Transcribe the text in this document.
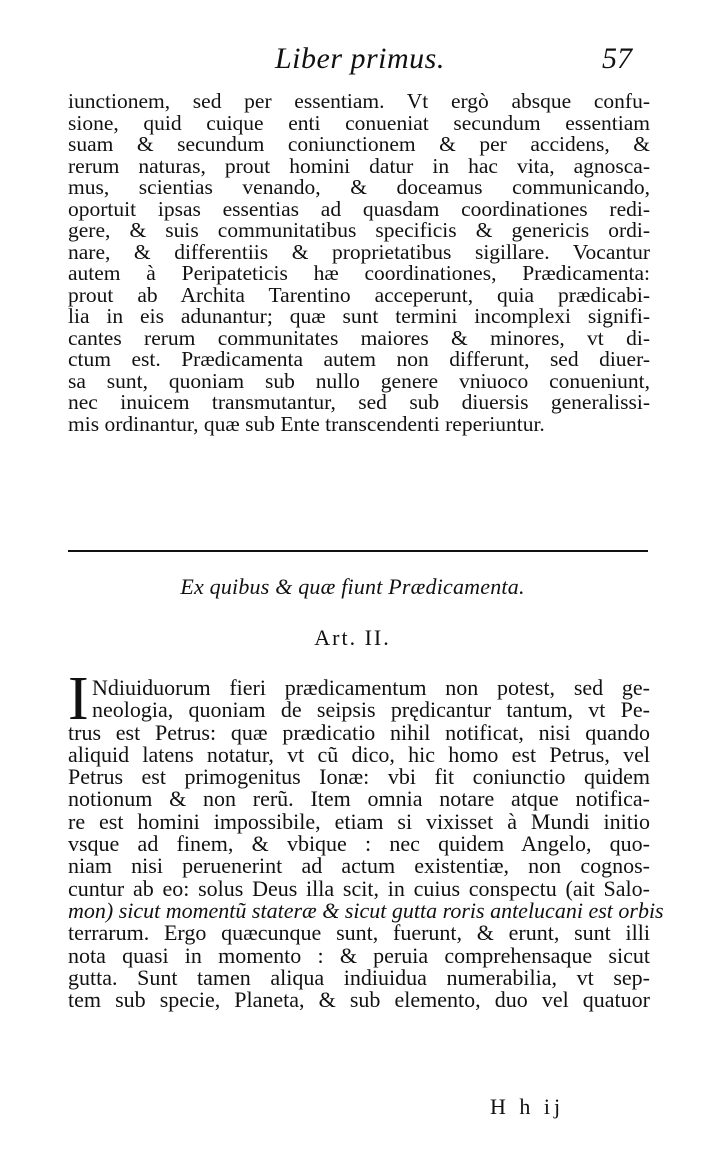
Liber primus.	57
iunctionem, sed per essentiam. Vt ergò absque confu-
sione, quid cuique enti conueniat secundum essentiam
suam & secundum coniunctionem & per accidens, &
rerum naturas, prout homini datur in hac vita, agnosca-
mus, scientias venando, & doceamus communicando,
oportuit ipsas essentias ad quasdam coordinationes redi-
gere, & suis communitatibus specificis & genericis ordi-
nare, & differentiis & proprietatibus sigillare. Vocantur
autem à Peripateticis hæ coordinationes, Prædicamenta:
prout ab Archita Tarentino acceperunt, quia prædicabi-
lia in eis adunantur; quæ sunt termini incomplexi signifi-
cantes rerum communitates maiores & minores, vt di-
ctum est. Prædicamenta autem non differunt, sed diuer-
sa sunt, quoniam sub nullo genere vniuoco conueniunt,
nec inuicem transmutantur, sed sub diuersis generalissi-
mis ordinantur, quæ sub Ente transcendenti reperiuntur.
Ex quibus & quæ fiunt Prædicamenta.
Art. II.
I Ndiuiduorum fieri prædicamentum non potest, sed ge-
neologia, quoniam de seipsis prędicantur tantum, vt Pe-
trus est Petrus: quæ prædicatio nihil notificat, nisi quando
aliquid latens notatur, vt cũ dico, hic homo est Petrus, vel
Petrus est primogenitus Ionæ: vbi fit coniunctio quidem
notionum & non rerũ. Item omnia notare atque notifica-
re est homini impossibile, etiam si vixisset à Mundi initio
vsque ad finem, & vbique : nec quidem Angelo, quo-
niam nisi peruenerint ad actum existentiæ, non cognos-
cuntur ab eo: solus Deus illa scit, in cuius conspectu (ait Salo-
mon) sicut momentũ stateræ & sicut gutta roris antelucani est orbis
terrarum. Ergo quæcunque sunt, fuerunt, & erunt, sunt illi
nota quasi in momento : & peruia comprehensaque sicut
gutta. Sunt tamen aliqua indiuidua numerabilia, vt sep-
tem sub specie, Planeta, & sub elemento, duo vel quatuor
H h ij
